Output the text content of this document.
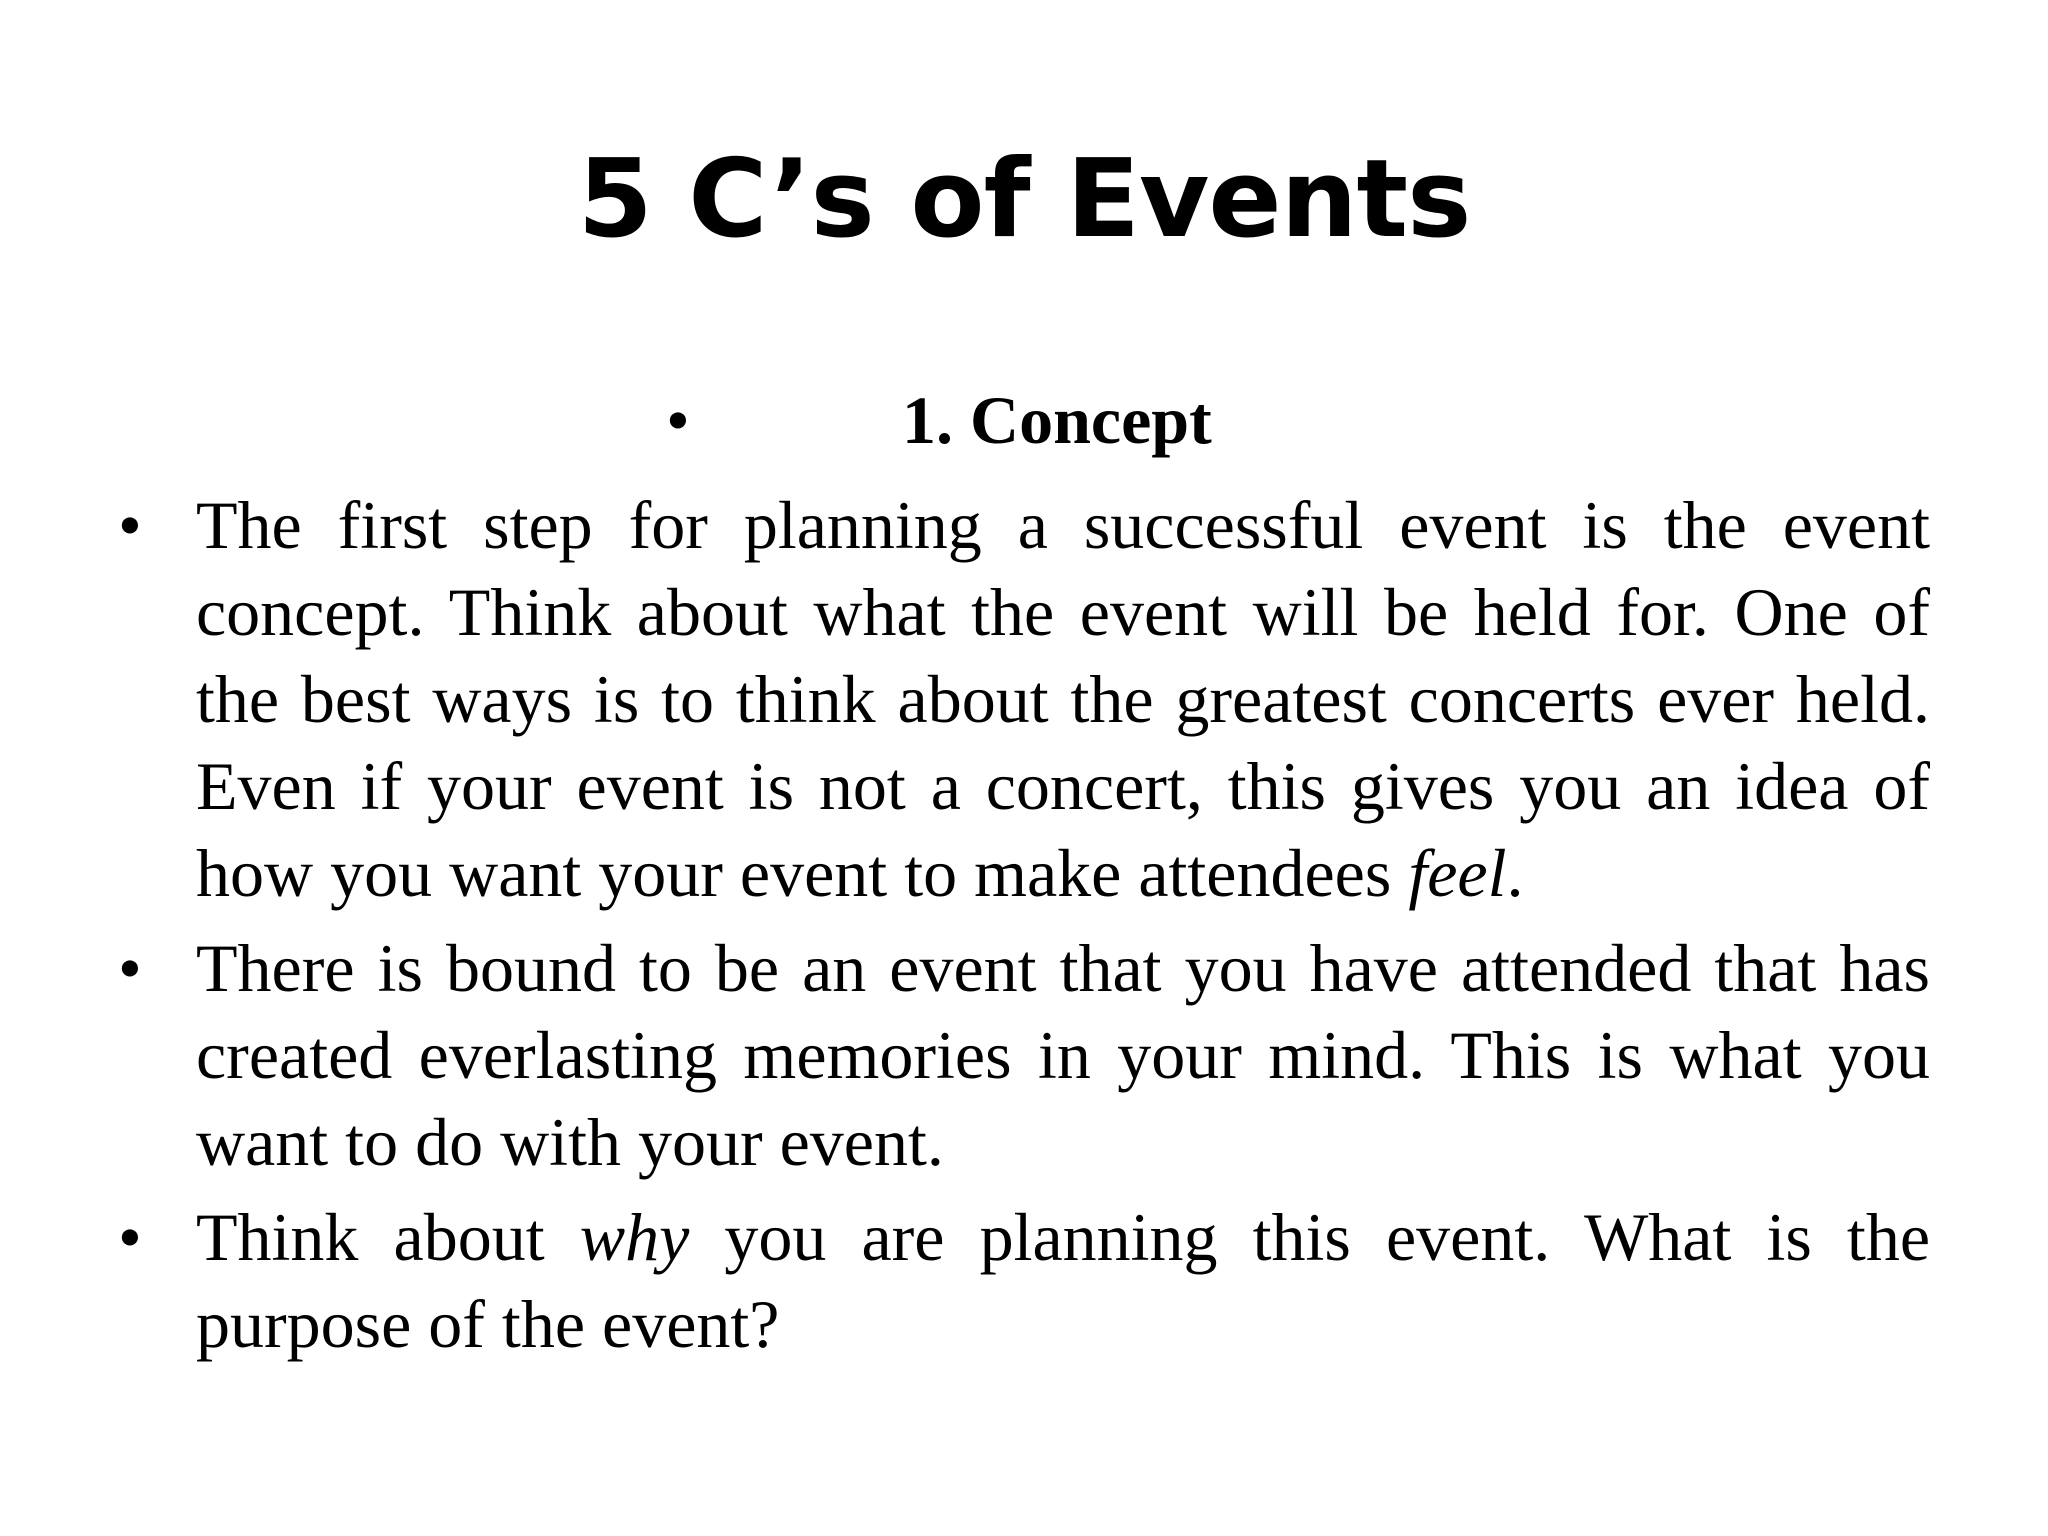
5 C’s of Events
•	1. Concept
• The first step for planning a successful event is the event concept. Think about what the event will be held for. One of the best ways is to think about the greatest concerts ever held. Even if your event is not a concert, this gives you an idea of how you want your event to make attendees feel.
• There is bound to be an event that you have attended that has created everlasting memories in your mind. This is what you want to do with your event.
• Think about why you are planning this event. What is the purpose of the event?
